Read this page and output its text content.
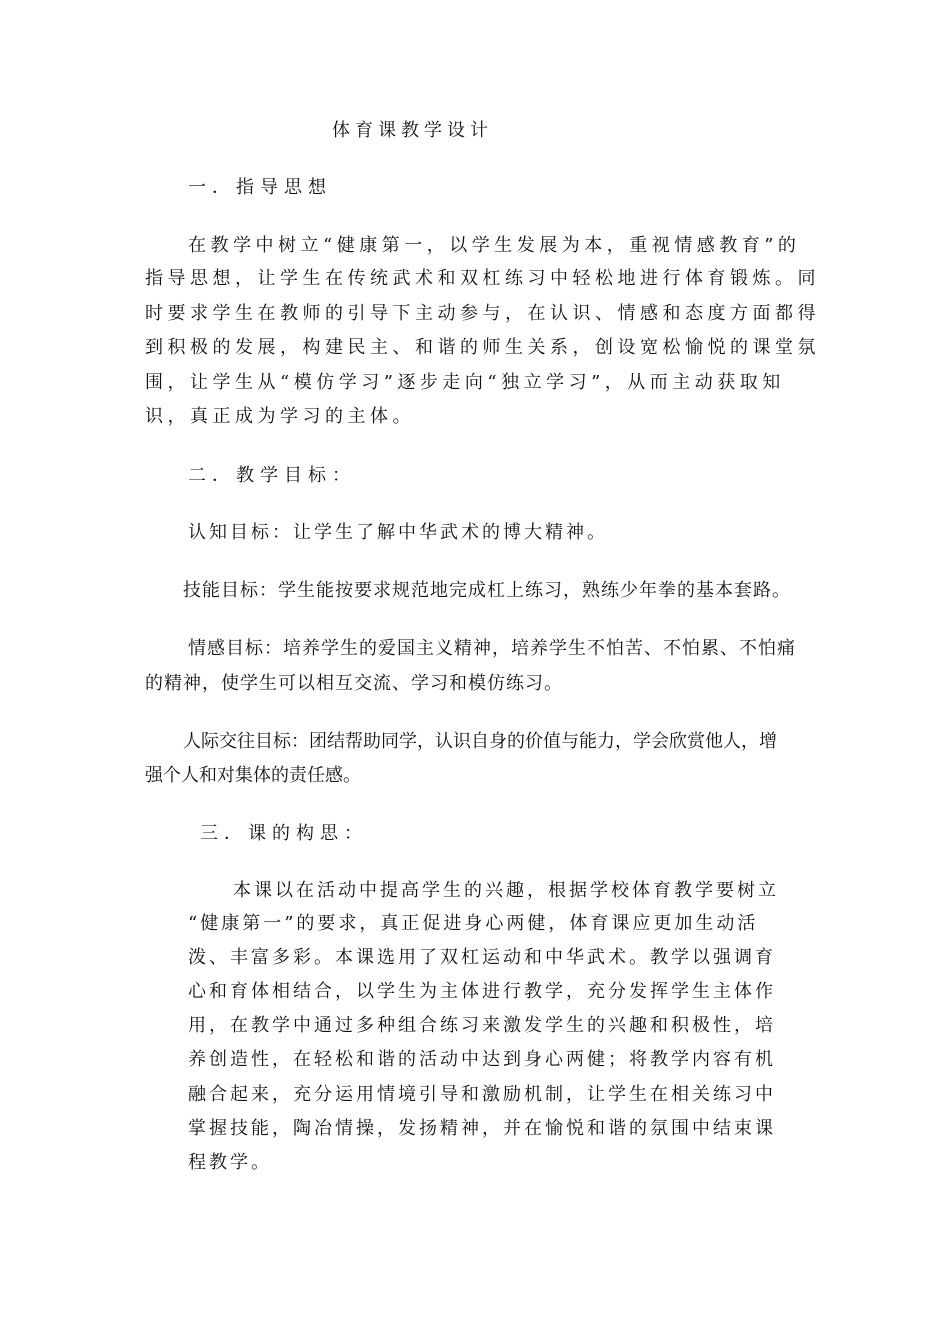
体育课教学设计
一．指导思想
在教学中树立“健康第一，以学生发展为本，重视情感教育”的
指导思想，让学生在传统武术和双杠练习中轻松地进行体育锻炼。同
时要求学生在教师的引导下主动参与，在认识、情感和态度方面都得
到积极的发展，构建民主、和谐的师生关系，创设宽松愉悦的课堂氛
围，让学生从“模仿学习”逐步走向“独立学习”，从而主动获取知
识，真正成为学习的主体。
二．教学目标：
认知目标：让学生了解中华武术的博大精神。
技能目标：学生能按要求规范地完成杠上练习，熟练少年拳的基本套路。
情感目标：培养学生的爱国主义精神，培养学生不怕苦、不怕累、不怕痛
的精神，使学生可以相互交流、学习和模仿练习。
人际交往目标：团结帮助同学，认识自身的价值与能力，学会欣赏他人，增
强个人和对集体的责任感。
三．课的构思：
本课以在活动中提高学生的兴趣，根据学校体育教学要树立
“健康第一”的要求，真正促进身心两健，体育课应更加生动活
泼、丰富多彩。本课选用了双杠运动和中华武术。教学以强调育
心和育体相结合，以学生为主体进行教学，充分发挥学生主体作
用，在教学中通过多种组合练习来激发学生的兴趣和积极性，培
养创造性，在轻松和谐的活动中达到身心两健；将教学内容有机
融合起来，充分运用情境引导和激励机制，让学生在相关练习中
掌握技能，陶冶情操，发扬精神，并在愉悦和谐的氛围中结束课
程教学。
